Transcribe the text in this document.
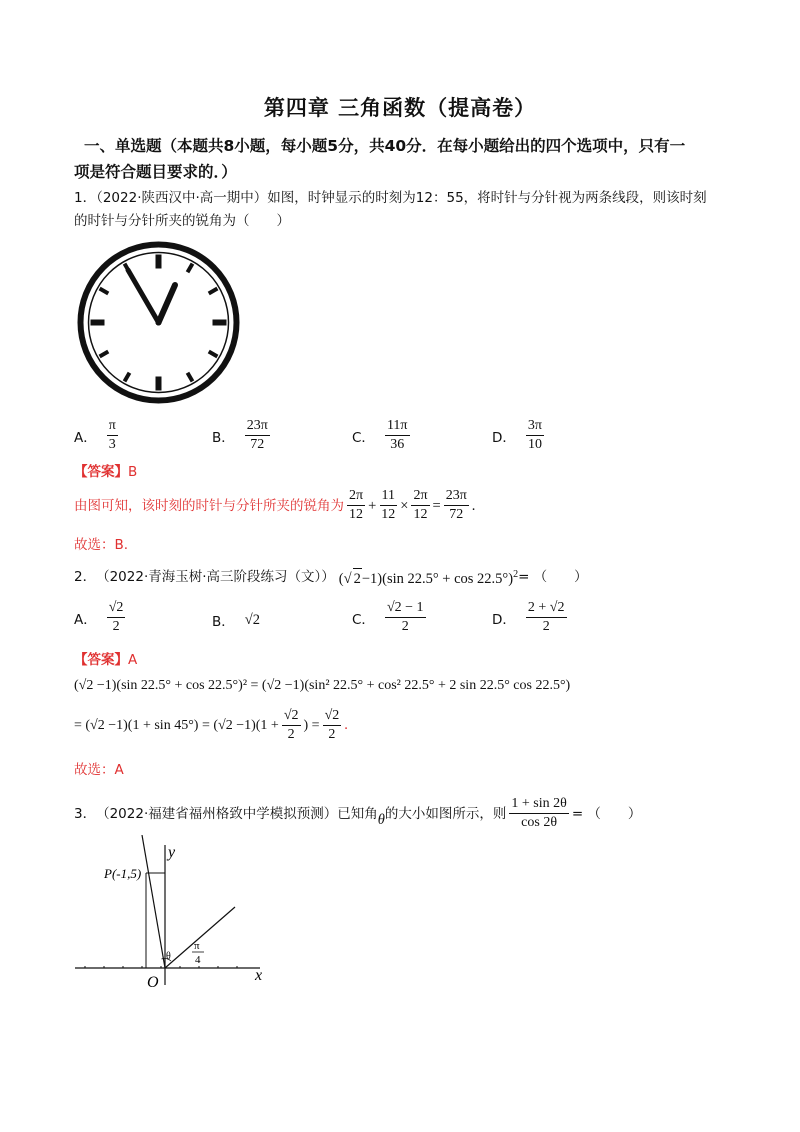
第四章 三角函数（提高卷）
一、单选题（本题共8小题，每小题5分，共40分．在每小题给出的四个选项中，只有一
项是符合题目要求的．）
1．（2022·陕西汉中·高一期中）如图，时钟显示的时刻为12：55，将时针与分针视为两条线段，则该时刻
的时针与分针所夹的锐角为（　　）
A． $\frac{\pi}{3}$	B． $\frac{23\pi}{72}$	C． $\frac{11\pi}{36}$	D． $\frac{3\pi}{10}$
【答案】B
由图可知，该时刻的时针与分针所夹的锐角为 $\frac{2\pi}{12} + \frac{11}{12} \times \frac{2\pi}{12} = \frac{23\pi}{72}$ .
故选：B.
2． （2022·青海玉树·高三阶段练习（文）） (√ 2−1)(sin 22.5° + cos 22.5°)$^2$ = （　　）
A． $\frac{√2}{2}$	B． √2	C． $\frac{√2 - 1}{2}$	D． $\frac{2 + √2}{2}$
【答案】A
(√2 −1)(sin 22.5° + cos 22.5°)² = (√2 −1)(sin² 22.5° + cos² 22.5° + 2 sin 22.5° cos 22.5°)
= $(√2 -1)(1 + \sin 45^\circ) = (√2 -1)(1 + \frac{√2}{2}$ ) = $\frac{√2}{2}$ .
故选：A
3． （2022·福建省福州格致中学模拟预测） 已知角 θ 的大小如图所示，则 $\frac{1 + \sin 2\theta}{\cos 2\theta}$ = （　　）
P(-1,5)
y
x
O
θ
π
4
